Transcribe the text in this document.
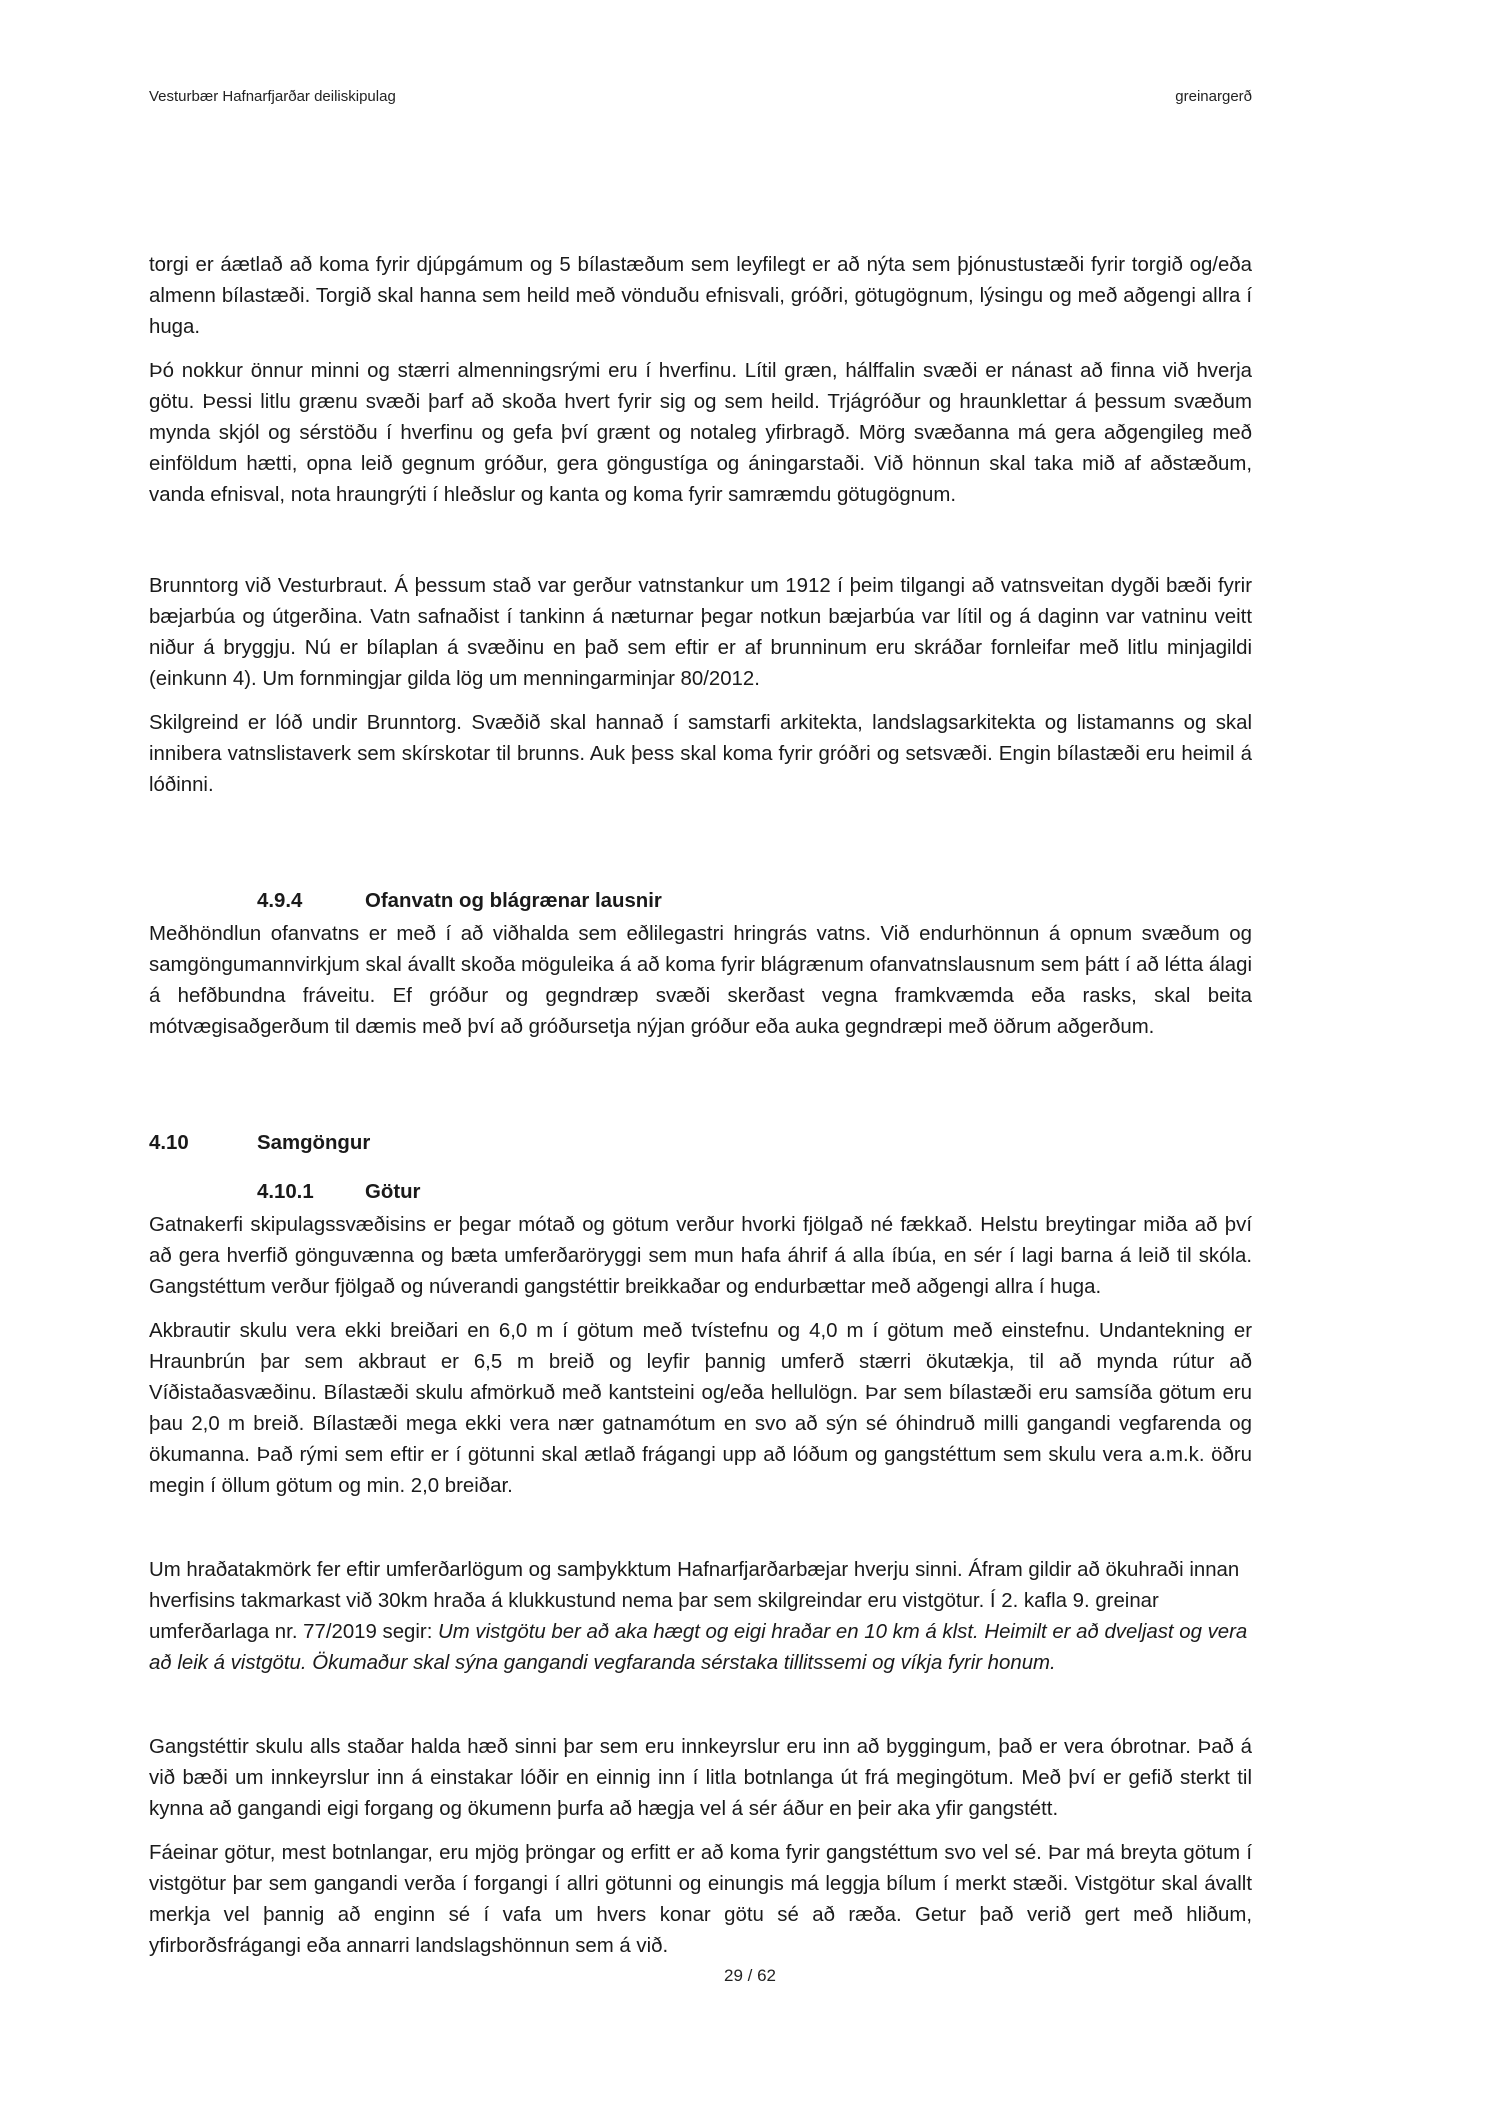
Vesturbær Hafnarfjarðar deiliskipulag	greinargerð

torgi er áætlað að koma fyrir djúpgámum og 5 bílastæðum sem leyfilegt er að nýta sem þjónustustæði fyrir torgið og/eða almenn bílastæði. Torgið skal hanna sem heild með vönduðu efnisvali, gróðri, götugögnum, lýsingu og með aðgengi allra í huga.

Þó nokkur önnur minni og stærri almenningsrými eru í hverfinu. Lítil græn, hálffalin svæði er nánast að finna við hverja götu. Þessi litlu grænu svæði þarf að skoða hvert fyrir sig og sem heild. Trjágróður og hraunklettar á þessum svæðum mynda skjól og sérstöðu í hverfinu og gefa því grænt og notaleg yfirbragð. Mörg svæðanna má gera aðgengileg með einföldum hætti, opna leið gegnum gróður, gera göngustíga og áningarstaði. Við hönnun skal taka mið af aðstæðum, vanda efnisval, nota hraungrýti í hleðslur og kanta og koma fyrir samræmdu götugögnum.

Brunntorg við Vesturbraut. Á þessum stað var gerður vatnstankur um 1912 í þeim tilgangi að vatnsveitan dygði bæði fyrir bæjarbúa og útgerðina. Vatn safnaðist í tankinn á næturnar þegar notkun bæjarbúa var lítil og á daginn var vatninu veitt niður á bryggju. Nú er bílaplan á svæðinu en það sem eftir er af brunninum eru skráðar fornleifar með litlu minjagildi (einkunn 4). Um fornmingjar gilda lög um menningarminjar 80/2012.

Skilgreind er lóð undir Brunntorg. Svæðið skal hannað í samstarfi arkitekta, landslagsarkitekta og listamanns og skal innibera vatnslistaverk sem skírskotar til brunns. Auk þess skal koma fyrir gróðri og setsvæði. Engin bílastæði eru heimil á lóðinni.

4.9.4	Ofanvatn og blágrænar lausnir

Meðhöndlun ofanvatns er með í að viðhalda sem eðlilegastri hringrás vatns. Við endurhönnun á opnum svæðum og samgöngumannvirkjum skal ávallt skoða möguleika á að koma fyrir blágrænum ofanvatnslausnum sem þátt í að létta álagi á hefðbundna fráveitu. Ef gróður og gegndræp svæði skerðast vegna framkvæmda eða rasks, skal beita mótvægisaðgerðum til dæmis með því að gróðursetja nýjan gróður eða auka gegndræpi með öðrum aðgerðum.

4.10	Samgöngur
4.10.1	Götur

Gatnakerfi skipulagssvæðisins er þegar mótað og götum verður hvorki fjölgað né fækkað. Helstu breytingar miða að því að gera hverfið gönguvænna og bæta umferðaröryggi sem mun hafa áhrif á alla íbúa, en sér í lagi barna á leið til skóla. Gangstéttum verður fjölgað og núverandi gangstéttir breikkaðar og endurbættar með aðgengi allra í huga.

Akbrautir skulu vera ekki breiðari en 6,0 m í götum með tvístefnu og 4,0 m í götum með einstefnu. Undantekning er Hraunbrún þar sem akbraut er 6,5 m breið og leyfir þannig umferð stærri ökutækja, til að mynda rútur að Víðistaðasvæðinu. Bílastæði skulu afmörkuð með kantsteini og/eða hellulögn. Þar sem bílastæði eru samsíða götum eru þau 2,0 m breið. Bílastæði mega ekki vera nær gatnamótum en svo að sýn sé óhindruð milli gangandi vegfarenda og ökumanna. Það rými sem eftir er í götunni skal ætlað frágangi upp að lóðum og gangstéttum sem skulu vera a.m.k. öðru megin í öllum götum og min. 2,0 breiðar.

Um hraðatakmörk fer eftir umferðarlögum og samþykktum Hafnarfjarðarbæjar hverju sinni. Áfram gildir að ökuhraði innan hverfisins takmarkast við 30km hraða á klukkustund nema þar sem skilgreindar eru vistgötur. Í 2. kafla 9. greinar umferðarlaga nr. 77/2019 segir: Um vistgötu ber að aka hægt og eigi hraðar en 10 km á klst. Heimilt er að dveljast og vera að leik á vistgötu. Ökumaður skal sýna gangandi vegfaranda sérstaka tillitssemi og víkja fyrir honum.

Gangstéttir skulu alls staðar halda hæð sinni þar sem eru innkeyrslur eru inn að byggingum, það er vera óbrotnar. Það á við bæði um innkeyrslur inn á einstakar lóðir en einnig inn í litla botnlanga út frá megingötum. Með því er gefið sterkt til kynna að gangandi eigi forgang og ökumenn þurfa að hægja vel á sér áður en þeir aka yfir gangstétt.

Fáeinar götur, mest botnlangar, eru mjög þröngar og erfitt er að koma fyrir gangstéttum svo vel sé. Þar má breyta götum í vistgötur þar sem gangandi verða í forgangi í allri götunni og einungis má leggja bílum í merkt stæði. Vistgötur skal ávallt merkja vel þannig að enginn sé í vafa um hvers konar götu sé að ræða. Getur það verið gert með hliðum, yfirborðsfrágangi eða annarri landslagshönnun sem á við.

29 / 62
